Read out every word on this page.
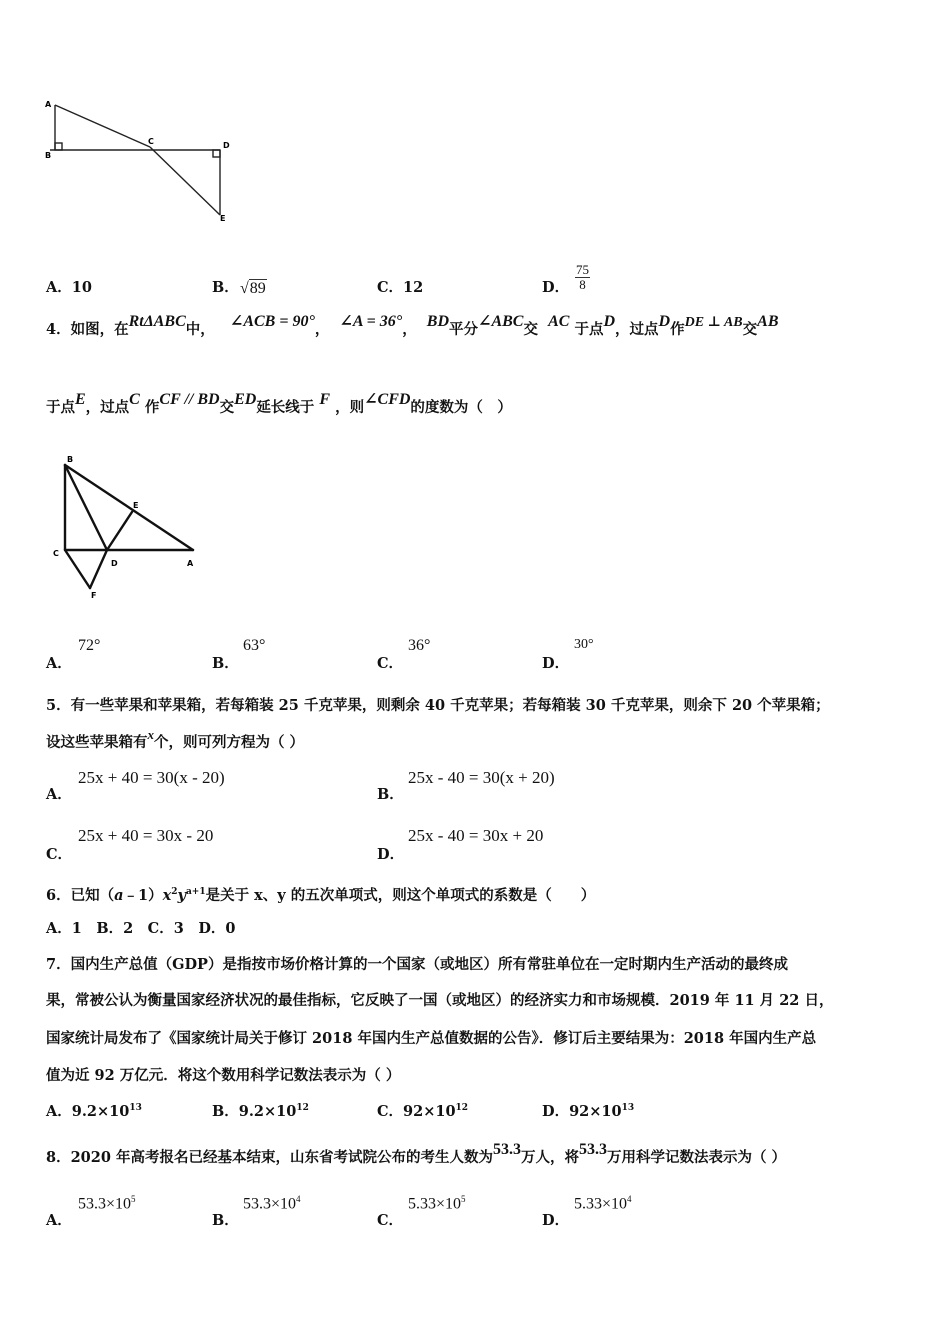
A
B
C	D
E
A．10	B． √89	C．12	D． $\frac{75}{8}$
4．如图，在RtΔABC中， ∠ACB = 90°， ∠A = 36°， BD平分∠ABC交 AC 于点D，过点D作DE ⊥ AB交AB
于点E，过点C 作CF // BD交ED延长线于 F ，则∠CFD的度数为（　）
B
E
C
D	A
F
A．
72°
B．
63°
C．
36°
D．
30°
5．有一些苹果和苹果箱，若每箱装 25 千克苹果，则剩余 40 千克苹果；若每箱装 30 千克苹果，则余下 20 个苹果箱；
设这些苹果箱有x个，则可列方程为（ ）
A．
25x + 40 = 30(x - 20)
B．
25x - 40 = 30(x + 20)
C．
25x + 40 = 30x - 20
D．
25x - 40 = 30x + 20
6．已知$(a﹣1)x^2y^{a+1}$是关于 x、y 的五次单项式，则这个单项式的系数是（　　）
A．1　B．2　C．3　D．0
7．国内生产总值（GDP）是指按市场价格计算的一个国家（或地区）所有常驻单位在一定时期内生产活动的最终成
果，常被公认为衡量国家经济状况的最佳指标，它反映了一国（或地区）的经济实力和市场规模．2019 年 11 月 22 日，
国家统计局发布了《国家统计局关于修订 2018 年国内生产总值数据的公告》．修订后主要结果为：2018 年国内生产总
值为近 92 万亿元．将这个数用科学记数法表示为（ ）
A．$9.2\times 10^{13}$	B．$9.2\times 10^{12}$	C．$92\times 10^{12}$	D．$92\times 10^{13}$
8．2020 年高考报名已经基本结束，山东省考试院公布的考生人数为53.3万人，将53.3万用科学记数法表示为（ ）
A．
$53.3\times 10^5$
B．
$53.3\times 10^4$
C．
$5.33\times 10^5$
D．
$5.33\times 10^4$
